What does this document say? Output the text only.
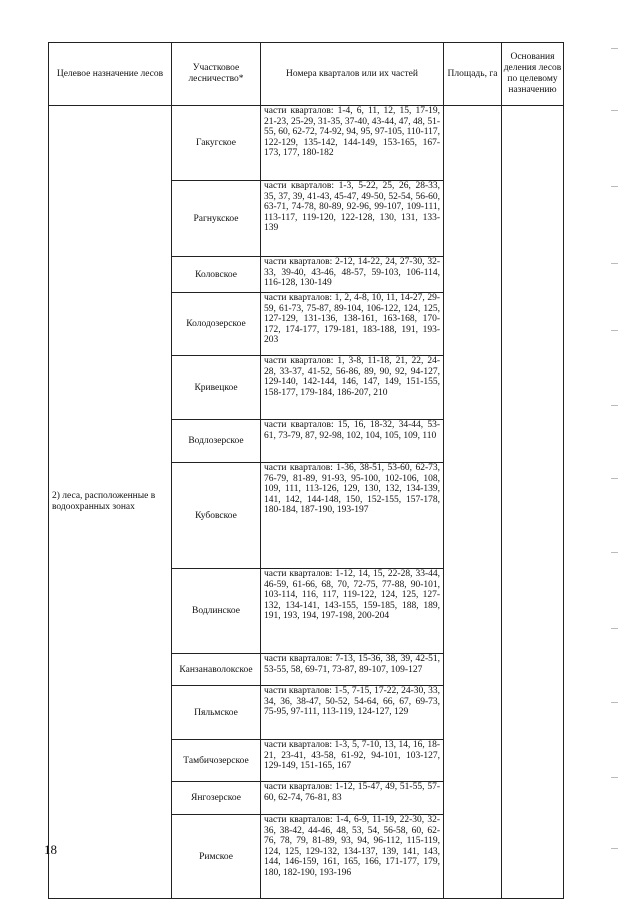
Целевое назначение лесов	Участковое лесничество*	Номера кварталов или их частей	Площадь, га	Основания деления лесов по целевому назначению
2) леса, расположенные в водоохранных зонах	Гакугское	части кварталов: 1-4, 6, 11, 12, 15, 17-19, 21-23, 25-29, 31-35, 37-40, 43-44, 47, 48, 51-55, 60, 62-72, 74-92, 94, 95, 97-105, 110-117, 122-129, 135-142, 144-149, 153-165, 167-173, 177, 180-182		
	Рагнукское	части кварталов: 1-3, 5-22, 25, 26, 28-33, 35, 37, 39, 41-43, 45-47, 49-50, 52-54, 56-60, 63-71, 74-78, 80-89, 92-96, 99-107, 109-111, 113-117, 119-120, 122-128, 130, 131, 133-139		
	Коловское	части кварталов: 2-12, 14-22, 24, 27-30, 32-33, 39-40, 43-46, 48-57, 59-103, 106-114, 116-128, 130-149		
	Колодозерское	части кварталов: 1, 2, 4-8, 10, 11, 14-27, 29-59, 61-73, 75-87, 89-104, 106-122, 124, 125, 127-129, 131-136, 138-161, 163-168, 170-172, 174-177, 179-181, 183-188, 191, 193-203		
	Кривецкое	части кварталов: 1, 3-8, 11-18, 21, 22, 24-28, 33-37, 41-52, 56-86, 89, 90, 92, 94-127, 129-140, 142-144, 146, 147, 149, 151-155, 158-177, 179-184, 186-207, 210		
	Водлозерское	части кварталов: 15, 16, 18-32, 34-44, 53-61, 73-79, 87, 92-98, 102, 104, 105, 109, 110		
	Кубовское	части кварталов: 1-36, 38-51, 53-60, 62-73, 76-79, 81-89, 91-93, 95-100, 102-106, 108, 109, 111, 113-126, 129, 130, 132, 134-139, 141, 142, 144-148, 150, 152-155, 157-178, 180-184, 187-190, 193-197		
	Водлинское	части кварталов: 1-12, 14, 15, 22-28, 33-44, 46-59, 61-66, 68, 70, 72-75, 77-88, 90-101, 103-114, 116, 117, 119-122, 124, 125, 127-132, 134-141, 143-155, 159-185, 188, 189, 191, 193, 194, 197-198, 200-204		
	Канзанаволокское	части кварталов: 7-13, 15-36, 38, 39, 42-51, 53-55, 58, 69-71, 73-87, 89-107, 109-127		
	Пяльмское	части кварталов: 1-5, 7-15, 17-22, 24-30, 33, 34, 36, 38-47, 50-52, 54-64, 66, 67, 69-73, 75-95, 97-111, 113-119, 124-127, 129		
	Тамбичозерское	части кварталов: 1-3, 5, 7-10, 13, 14, 16, 18-21, 23-41, 43-58, 61-92, 94-101, 103-127, 129-149, 151-165, 167		
	Янгозерское	части кварталов: 1-12, 15-47, 49, 51-55, 57-60, 62-74, 76-81, 83		
	Римское	части кварталов: 1-4, 6-9, 11-19, 22-30, 32-36, 38-42, 44-46, 48, 53, 54, 56-58, 60, 62-76, 78, 79, 81-89, 93, 94, 96-112, 115-119, 124, 125, 129-132, 134-137, 139, 141, 143, 144, 146-159, 161, 165, 166, 171-177, 179, 180, 182-190, 193-196		
18
